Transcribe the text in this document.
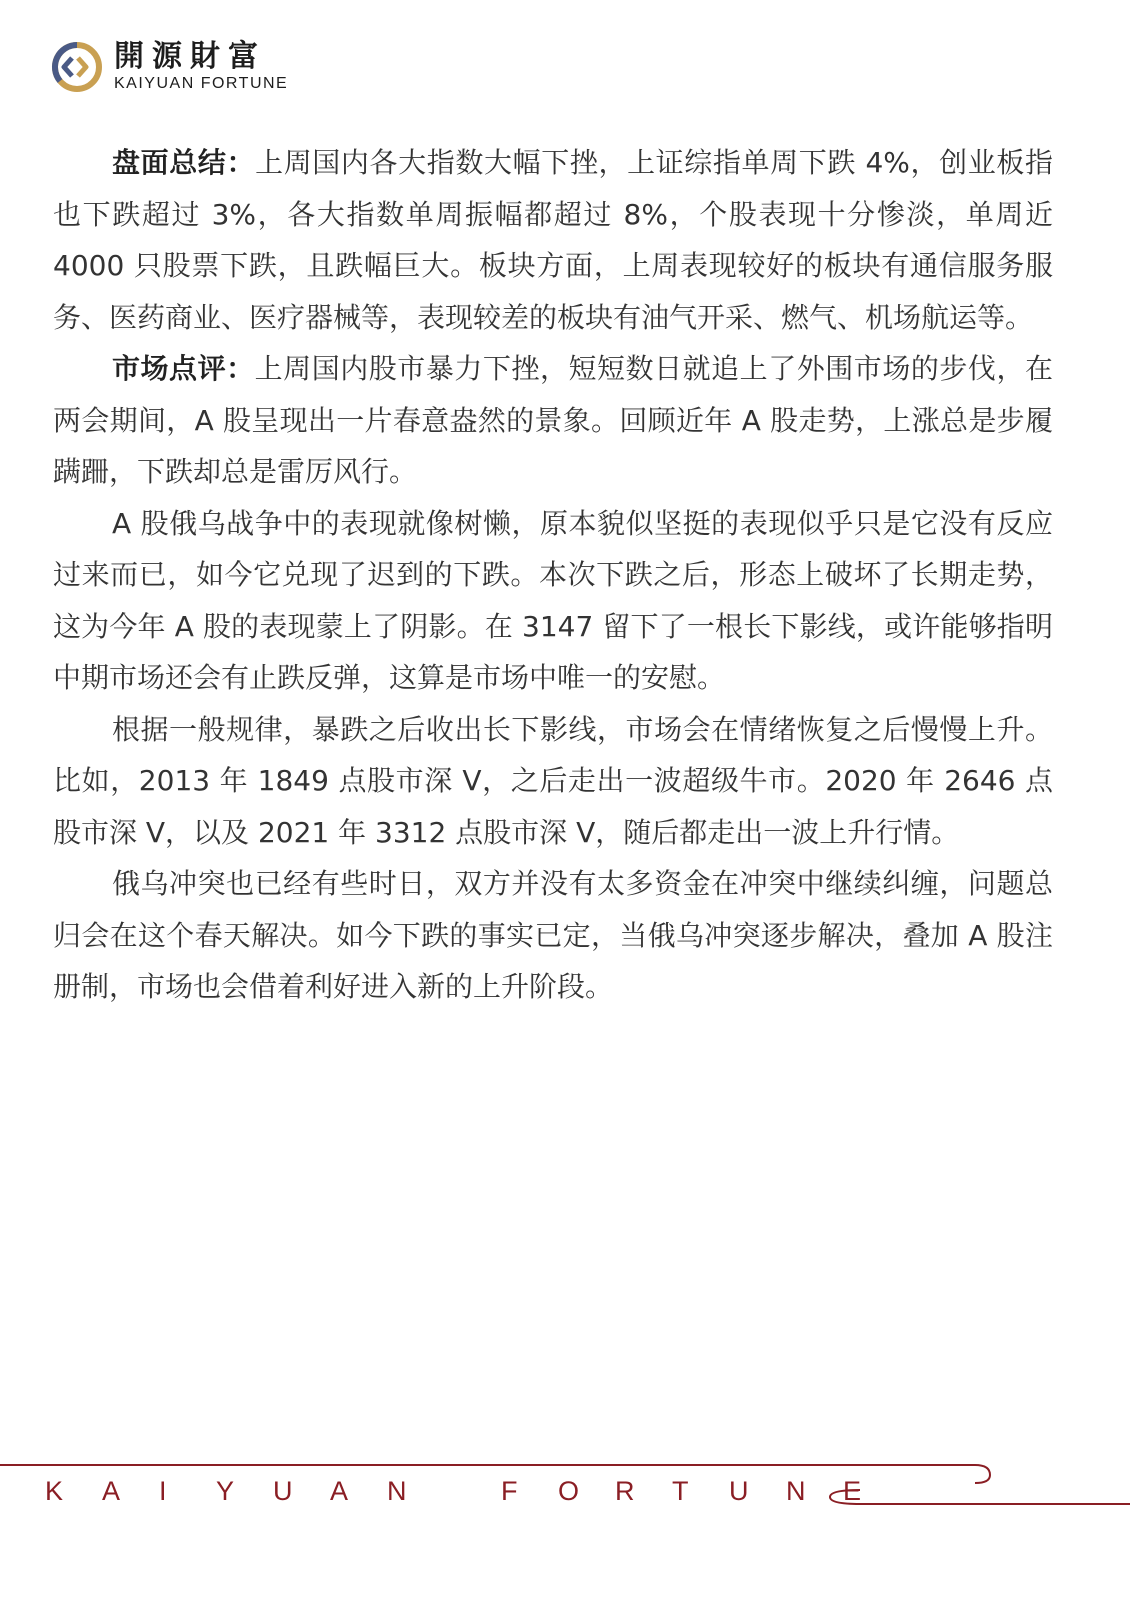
開源財富
KAIYUAN FORTUNE

盘面总结：上周国内各大指数大幅下挫，上证综指单周下跌 4%，创业板指也下跌超过 3%，各大指数单周振幅都超过 8%，个股表现十分惨淡，单周近 4000 只股票下跌，且跌幅巨大。板块方面，上周表现较好的板块有通信服务服务、医药商业、医疗器械等，表现较差的板块有油气开采、燃气、机场航运等。

市场点评：上周国内股市暴力下挫，短短数日就追上了外围市场的步伐，在两会期间，A 股呈现出一片春意盎然的景象。回顾近年 A 股走势，上涨总是步履蹒跚，下跌却总是雷厉风行。

A 股俄乌战争中的表现就像树懒，原本貌似坚挺的表现似乎只是它没有反应过来而已，如今它兑现了迟到的下跌。本次下跌之后，形态上破坏了长期走势，这为今年 A 股的表现蒙上了阴影。在 3147 留下了一根长下影线，或许能够指明中期市场还会有止跌反弹，这算是市场中唯一的安慰。

根据一般规律，暴跌之后收出长下影线，市场会在情绪恢复之后慢慢上升。比如，2013 年 1849 点股市深 V，之后走出一波超级牛市。2020 年 2646 点股市深 V，以及 2021 年 3312 点股市深 V，随后都走出一波上升行情。

俄乌冲突也已经有些时日，双方并没有太多资金在冲突中继续纠缠，问题总归会在这个春天解决。如今下跌的事实已定，当俄乌冲突逐步解决，叠加 A 股注册制，市场也会借着利好进入新的上升阶段。

K	A	I	Y	U	A	N	F	O	R	T	U	N	E
